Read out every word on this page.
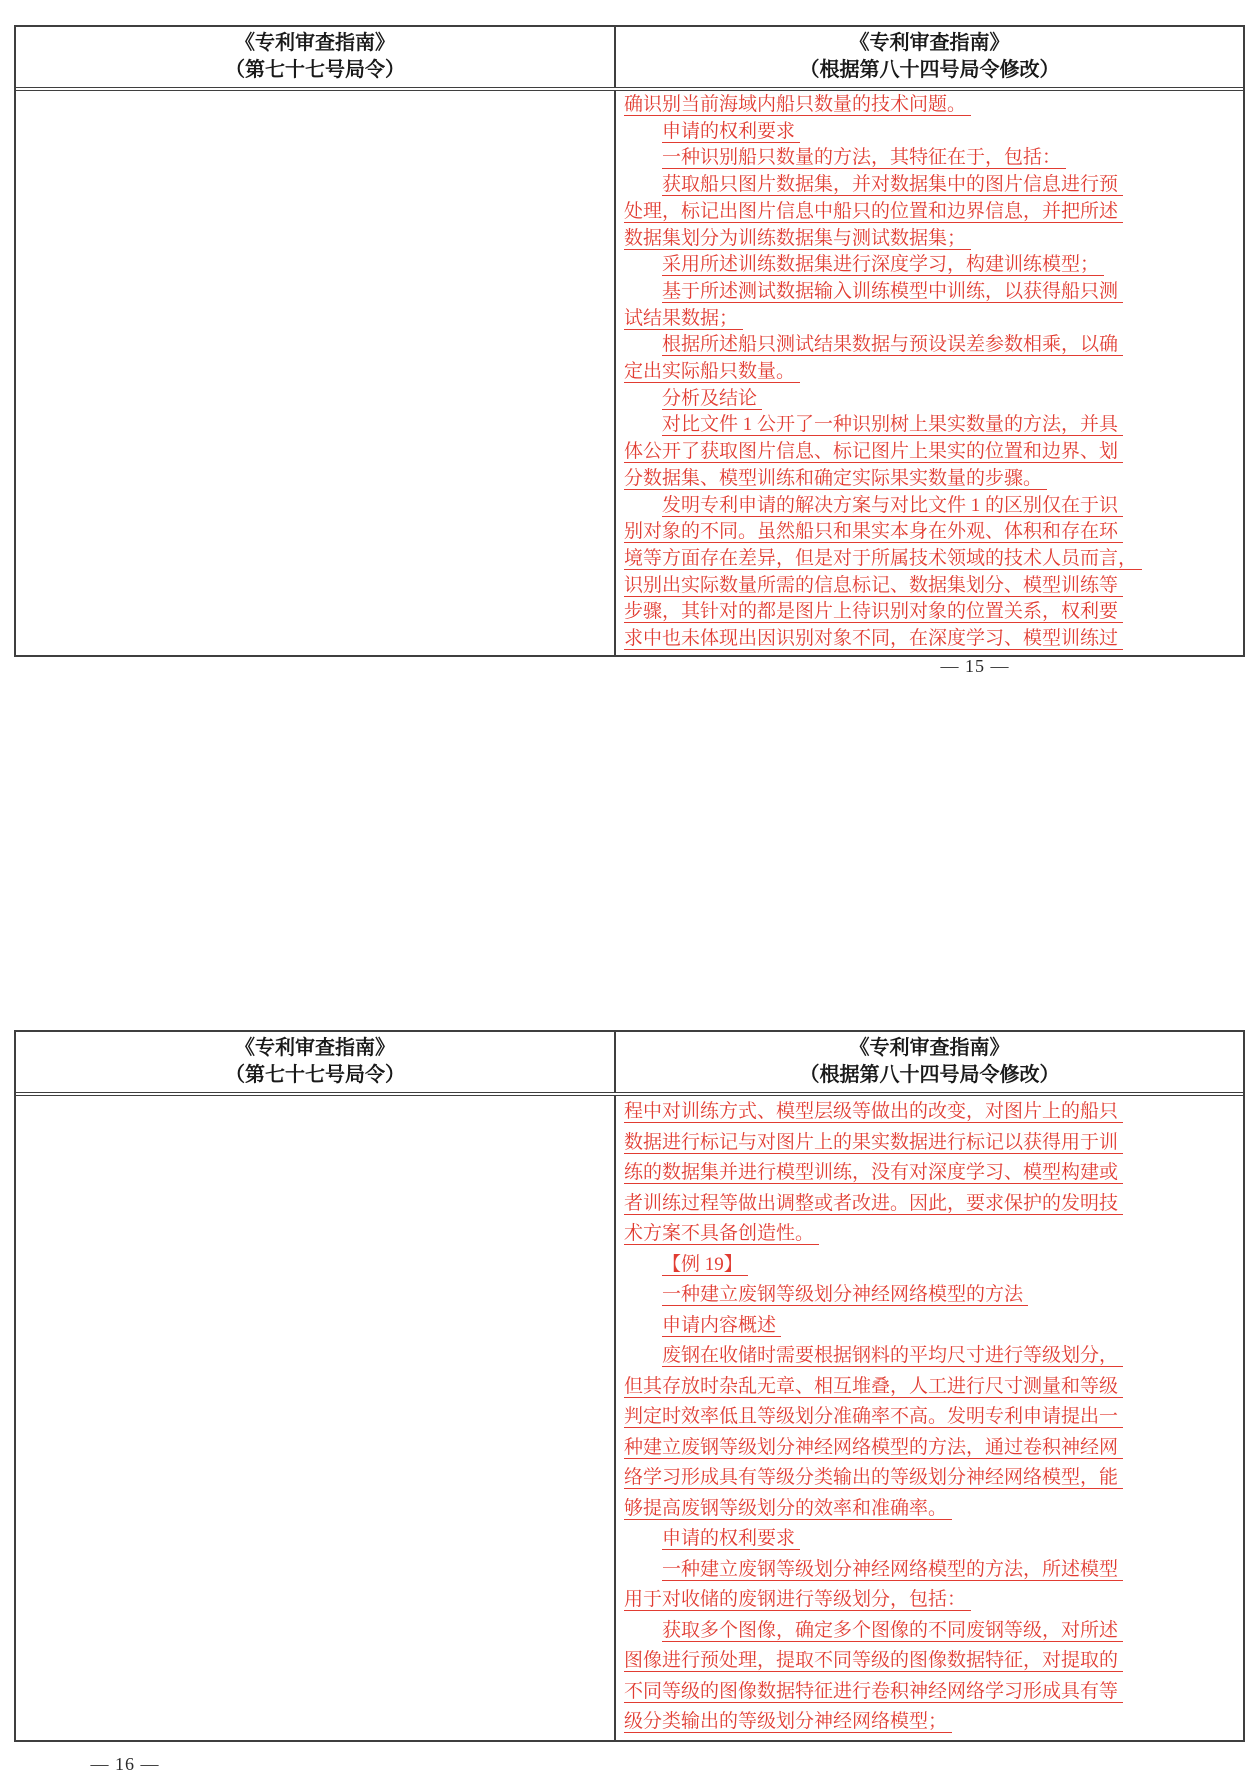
《专利审查指南》
（第七十七号局令）
《专利审查指南》
（根据第八十四号局令修改）
确识别当前海域内船只数量的技术问题。
申请的权利要求
一种识别船只数量的方法，其特征在于，包括：
获取船只图片数据集，并对数据集中的图片信息进行预
处理，标记出图片信息中船只的位置和边界信息，并把所述
数据集划分为训练数据集与测试数据集；
采用所述训练数据集进行深度学习，构建训练模型；
基于所述测试数据输入训练模型中训练，以获得船只测
试结果数据；
根据所述船只测试结果数据与预设误差参数相乘，以确
定出实际船只数量。
分析及结论
对比文件 1 公开了一种识别树上果实数量的方法，并具
体公开了获取图片信息、标记图片上果实的位置和边界、划
分数据集、模型训练和确定实际果实数量的步骤。
发明专利申请的解决方案与对比文件 1 的区别仅在于识
别对象的不同。虽然船只和果实本身在外观、体积和存在环
境等方面存在差异，但是对于所属技术领域的技术人员而言，
识别出实际数量所需的信息标记、数据集划分、模型训练等
步骤，其针对的都是图片上待识别对象的位置关系，权利要
求中也未体现出因识别对象不同，在深度学习、模型训练过
— 15 —
《专利审查指南》
（第七十七号局令）
《专利审查指南》
（根据第八十四号局令修改）
程中对训练方式、模型层级等做出的改变，对图片上的船只
数据进行标记与对图片上的果实数据进行标记以获得用于训
练的数据集并进行模型训练，没有对深度学习、模型构建或
者训练过程等做出调整或者改进。因此，要求保护的发明技
术方案不具备创造性。
【例 19】
一种建立废钢等级划分神经网络模型的方法
申请内容概述
废钢在收储时需要根据钢料的平均尺寸进行等级划分，
但其存放时杂乱无章、相互堆叠，人工进行尺寸测量和等级
判定时效率低且等级划分准确率不高。发明专利申请提出一
种建立废钢等级划分神经网络模型的方法，通过卷积神经网
络学习形成具有等级分类输出的等级划分神经网络模型，能
够提高废钢等级划分的效率和准确率。
申请的权利要求
一种建立废钢等级划分神经网络模型的方法，所述模型
用于对收储的废钢进行等级划分，包括：
获取多个图像，确定多个图像的不同废钢等级，对所述
图像进行预处理，提取不同等级的图像数据特征，对提取的
不同等级的图像数据特征进行卷积神经网络学习形成具有等
级分类输出的等级划分神经网络模型；
— 16 —
